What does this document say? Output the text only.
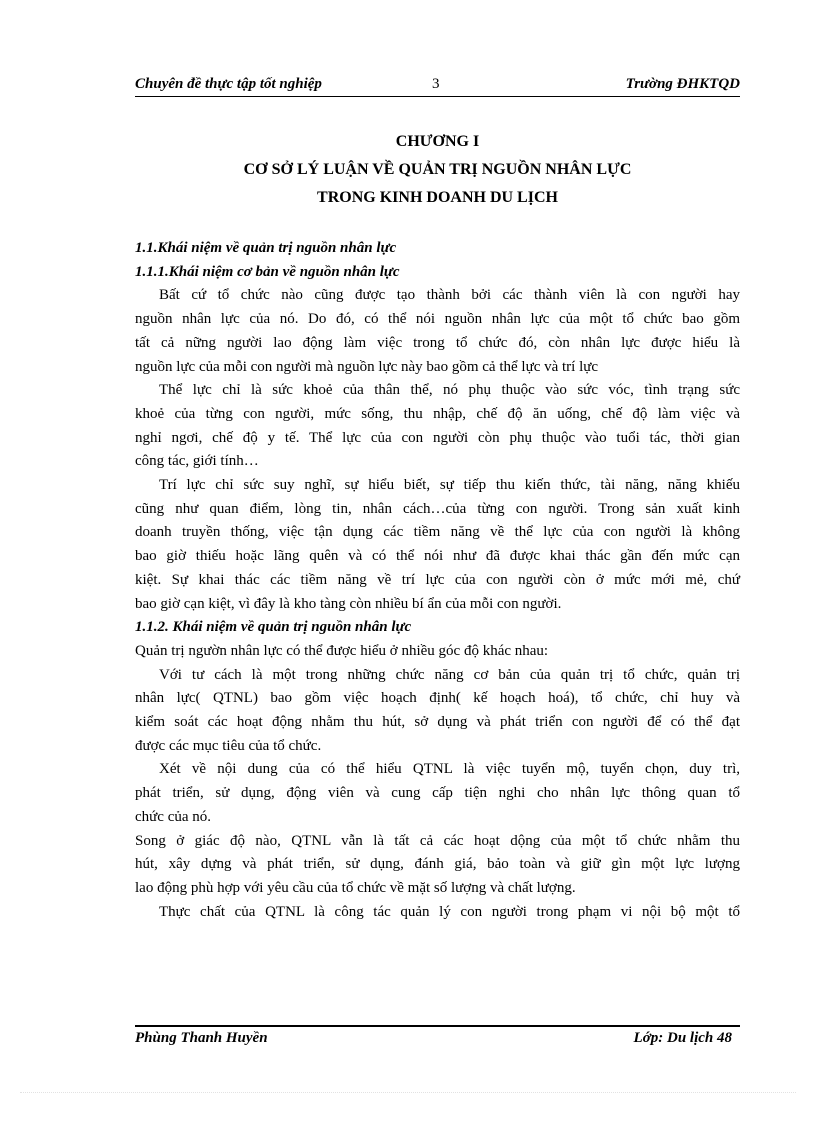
Chuyên đề thực tập tốt nghiệp	3	Trường ĐHKTQD
CHƯƠNG I
CƠ SỞ LÝ LUẬN VỀ QUẢN TRỊ NGUỒN NHÂN LỰC
TRONG KINH DOANH DU LỊCH
1.1.Khái niệm về quản trị nguồn nhân lực
1.1.1.Khái niệm cơ bản về nguồn nhân lực

Bất cứ tổ chức nào cũng được tạo thành bởi các thành viên là con người hay

nguồn nhân lực của nó. Do đó, có thể nói nguồn nhân lực của một tổ chức bao gồm

tất cả nững người lao động làm việc trong tổ chức đó, còn nhân lực được hiểu là

nguồn lực của mỗi con người mà nguồn lực này bao gồm cả thể lực và trí lực

Thể lực chỉ là sức khoẻ của thân thể, nó phụ thuộc vào sức vóc, tình trạng sức

khoẻ của từng con người, mức sống, thu nhập, chế độ ăn uống, chế độ làm việc và

nghỉ ngơi, chế độ y tế. Thể lực của con người còn phụ thuộc vào tuổi tác, thời gian

công tác, giới tính…

Trí lực chỉ sức suy nghĩ, sự hiểu biết, sự tiếp thu kiến thức, tài năng, năng khiếu

cũng như quan điểm, lòng tin, nhân cách…của từng con người. Trong sản xuất kinh

doanh truyền thống, việc tận dụng các tiềm năng về thể lực của con người là không

bao giờ thiếu hoặc lãng quên và có thể nói như đã được khai thác gần đến mức cạn

kiệt. Sự khai thác các tiềm năng về trí lực của con người còn ở mức mới mẻ, chứ

bao giờ cạn kiệt, vì đây là kho tàng còn nhiều bí ẩn của mỗi con người.

1.1.2. Khái niệm về quản trị nguồn nhân lực

Quản trị ngườn nhân lực có thể được hiểu ở nhiều góc độ khác nhau:

Với tư cách là một trong những chức năng cơ bản của quản trị tổ chức, quản trị

nhân lực( QTNL) bao gồm việc hoạch định( kế hoạch hoá), tổ chức, chỉ huy và

kiểm soát các hoạt động nhằm thu hút, sở dụng và phát triển con người để có thể đạt

được các mục tiêu của tổ chức.

Xét về nội dung của có thể hiểu QTNL là việc tuyển mộ, tuyển chọn, duy trì,

phát triển, sử dụng, động viên và cung cấp tiện nghi cho nhân lực thông quan tổ

chức của nó.

Song ở giác độ nào, QTNL vẫn là tất cả các hoạt dộng của một tổ chức nhằm thu

hút, xây dựng và phát triển, sử dụng, đánh giá, bảo toàn và giữ gìn một lực lượng

lao động phù hợp với yêu cầu của tổ chức về mặt số lượng và chất lượng.

Thực chất của QTNL là công tác quản lý con người trong phạm vi nội bộ một tổ

Phùng Thanh Huyền	Lớp: Du lịch 48
